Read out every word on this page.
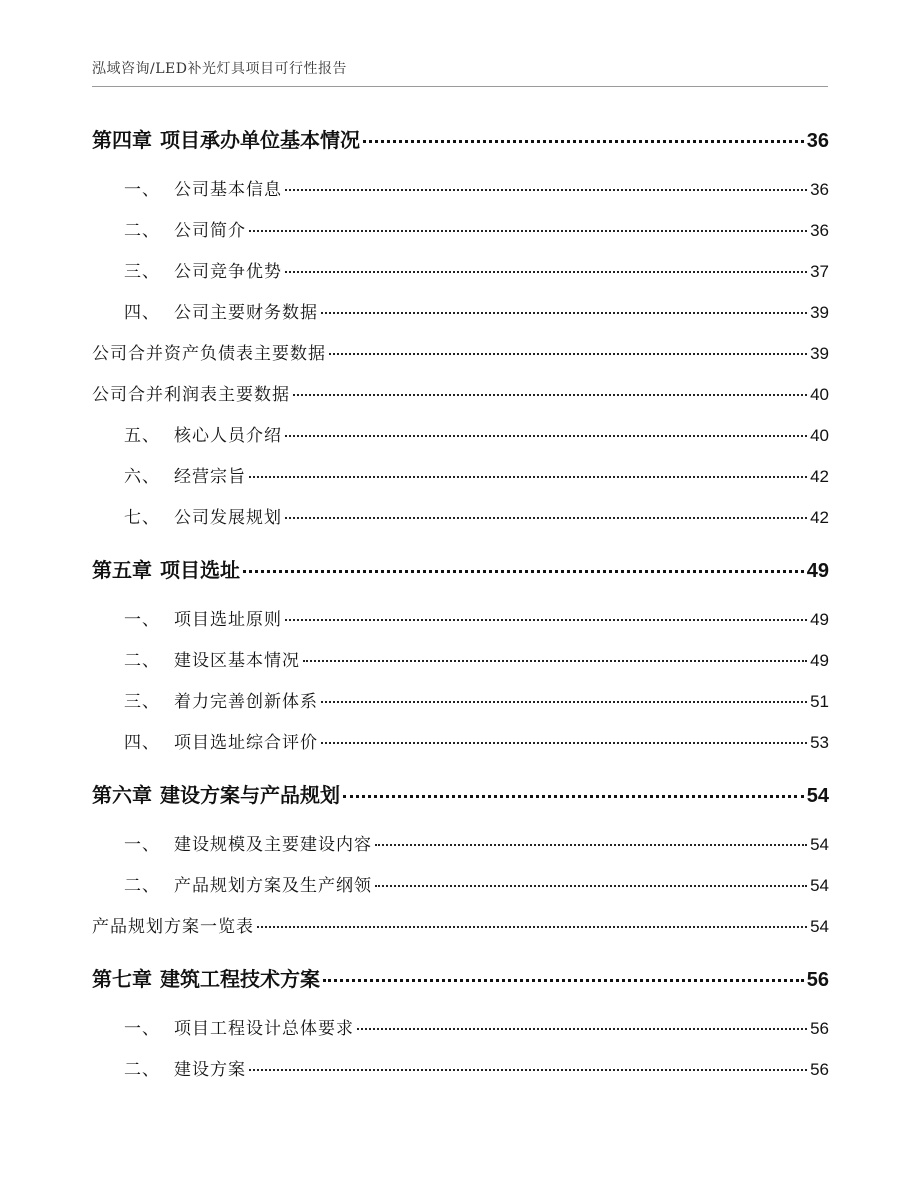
泓域咨询/LED补光灯具项目可行性报告
第四章 项目承办单位基本情况	36
一、 公司基本信息	36
二、 公司简介	36
三、 公司竞争优势	37
四、 公司主要财务数据	39
公司合并资产负债表主要数据	39
公司合并利润表主要数据	40
五、 核心人员介绍	40
六、 经营宗旨	42
七、 公司发展规划	42
第五章 项目选址	49
一、 项目选址原则	49
二、 建设区基本情况	49
三、 着力完善创新体系	51
四、 项目选址综合评价	53
第六章 建设方案与产品规划	54
一、 建设规模及主要建设内容	54
二、 产品规划方案及生产纲领	54
产品规划方案一览表	54
第七章 建筑工程技术方案	56
一、 项目工程设计总体要求	56
二、 建设方案	56
